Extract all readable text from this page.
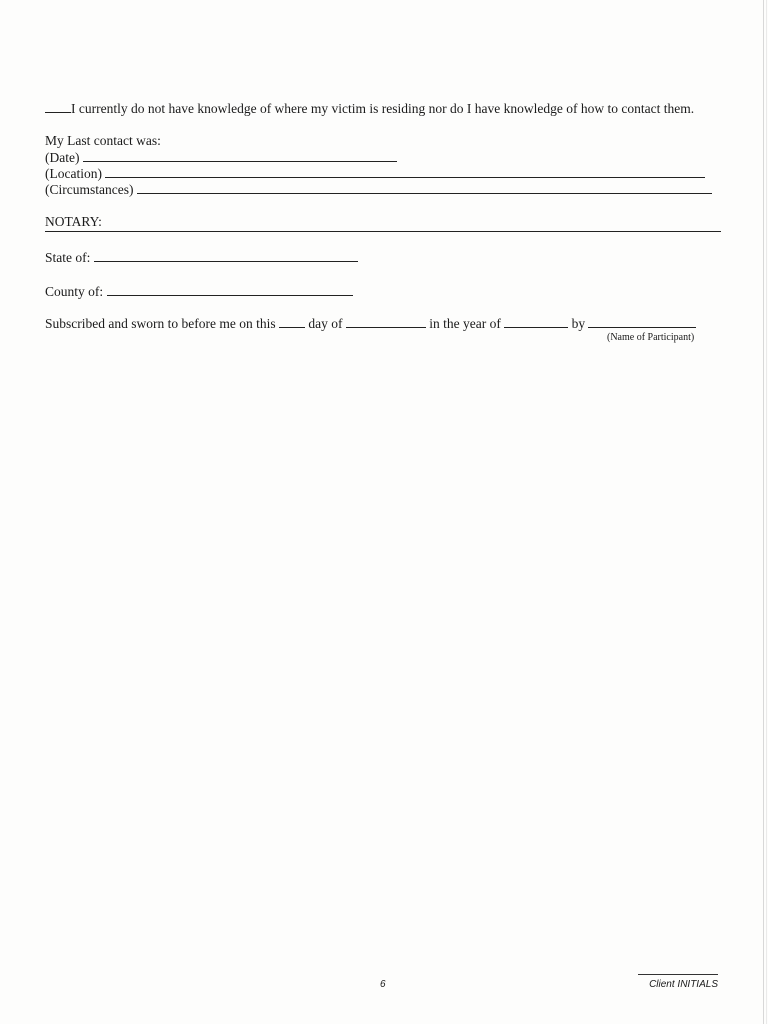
I currently do not have knowledge of where my victim is residing nor do I have knowledge of how to contact them.
My Last contact was:
(Date)
(Location)
(Circumstances)
NOTARY:
State of:
County of:
Subscribed and sworn to before me on this day of	in the year of	by
(Name of Participant)
6	Client INITIALS
